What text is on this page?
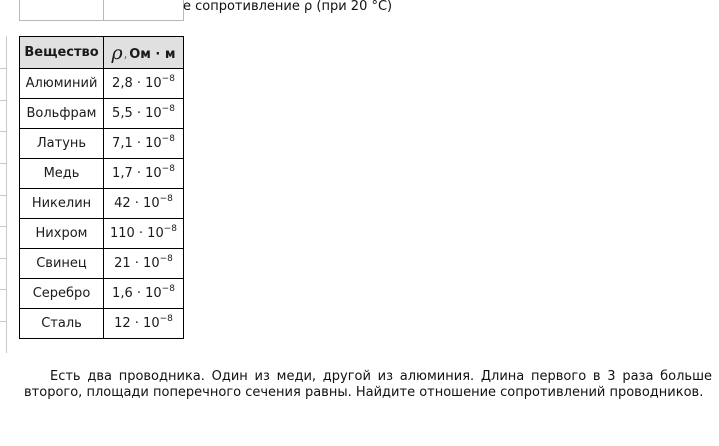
е сопротивление ρ (при 20 °С)
Вещество	ρ, Ом · м
Алюминий	$2,8 \cdot 10^{-8}$
Вольфрам	$5,5 \cdot 10^{-8}$
Латунь	$7,1 \cdot 10^{-8}$
Медь	$1,7 \cdot 10^{-8}$
Никелин	$42 \cdot 10^{-8}$
Нихром	$110 \cdot 10^{-8}$
Свинец	$21 \cdot 10^{-8}$
Серебро	$1,6 \cdot 10^{-8}$
Сталь	$12 \cdot 10^{-8}$
Есть два проводника. Один из меди, другой из алюминия. Длина первого в 3 раза больше второго, площади поперечного сечения равны. Найдите отношение сопротивлений проводников.
